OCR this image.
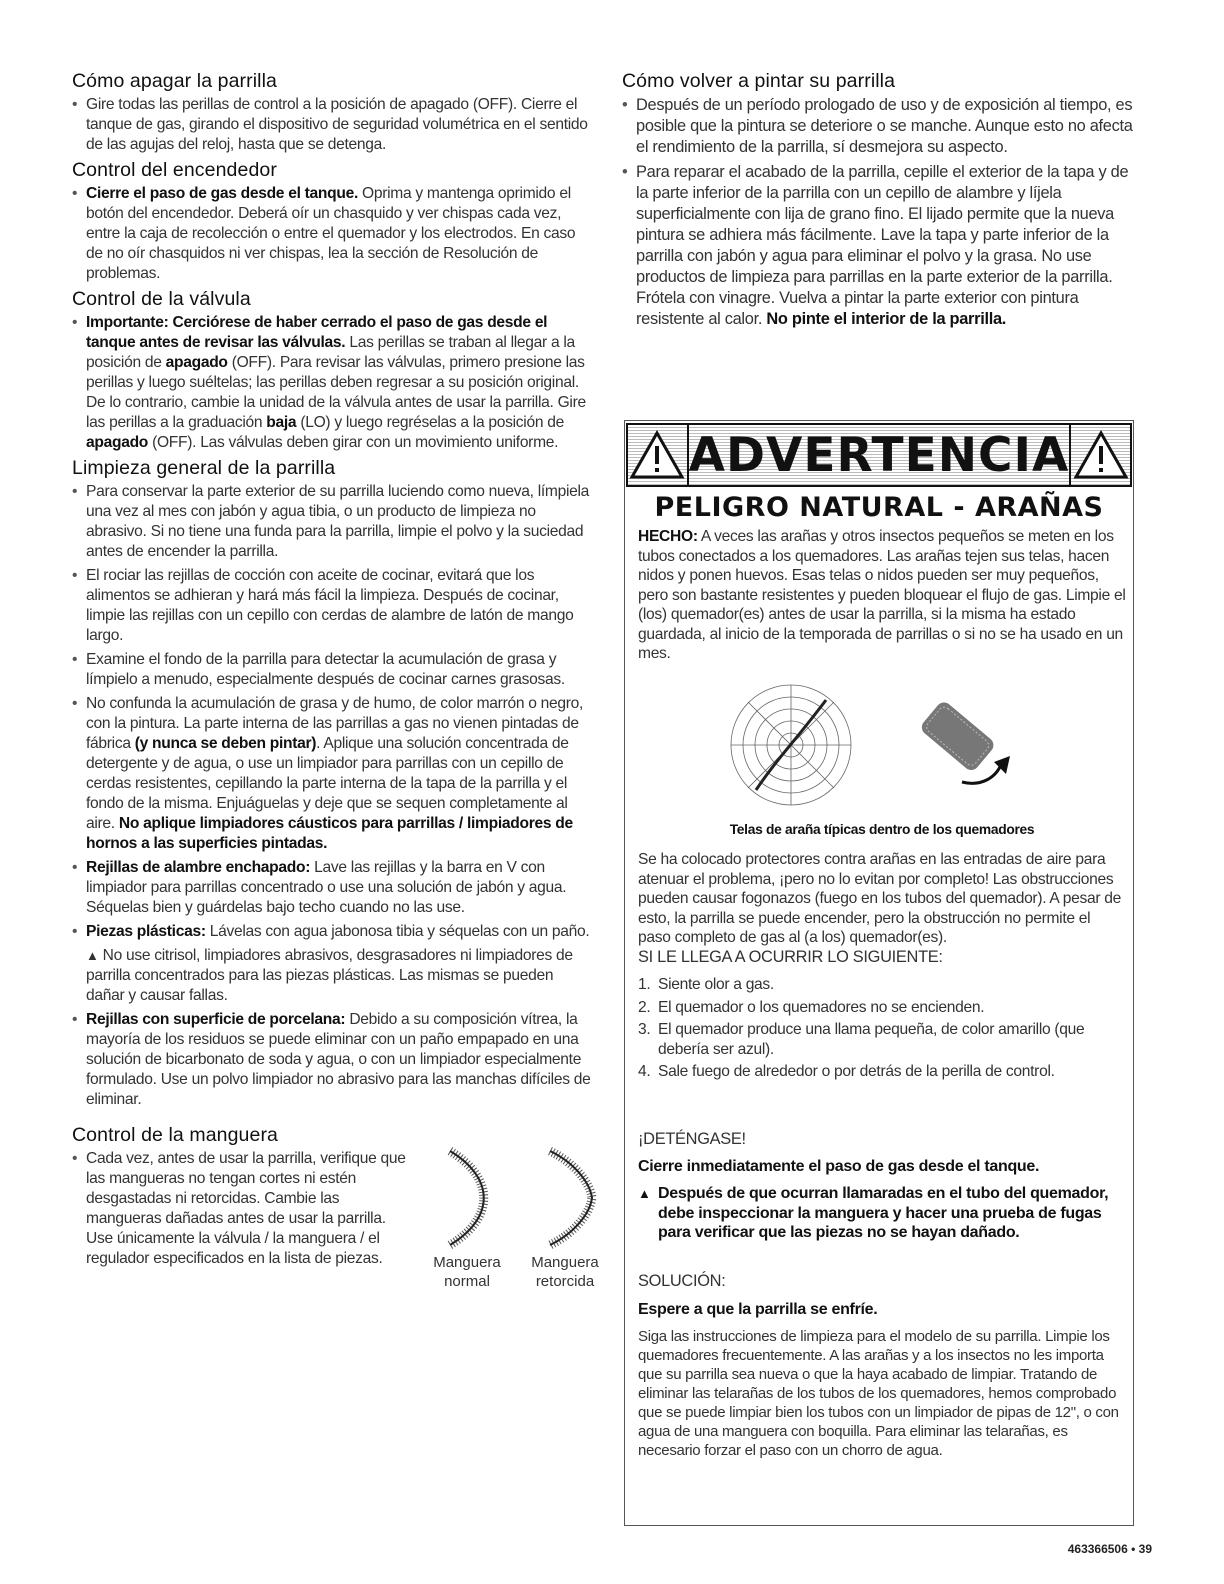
Cómo apagar la parrilla

• Gire todas las perillas de control a la posición de apagado (OFF). Cierre el tanque de gas, girando el dispositivo de seguridad volumétrica en el sentido de las agujas del reloj, hasta que se detenga.

Control del encendedor

• Cierre el paso de gas desde el tanque. Oprima y mantenga oprimido el botón del encendedor. Deberá oír un chasquido y ver chispas cada vez, entre la caja de recolección o entre el quemador y los electrodos. En caso de no oír chasquidos ni ver chispas, lea la sección de Resolución de problemas.

Control de la válvula

• Importante: Cerciórese de haber cerrado el paso de gas desde el tanque antes de revisar las válvulas. Las perillas se traban al llegar a la posición de apagado (OFF). Para revisar las válvulas, primero presione las perillas y luego suéltelas; las perillas deben regresar a su posición original. De lo contrario, cambie la unidad de la válvula antes de usar la parrilla. Gire las perillas a la graduación baja (LO) y luego regréselas a la posición de apagado (OFF). Las válvulas deben girar con un movimiento uniforme.

Limpieza general de la parrilla

• Para conservar la parte exterior de su parrilla luciendo como nueva, límpiela una vez al mes con jabón y agua tibia, o un producto de limpieza no abrasivo. Si no tiene una funda para la parrilla, limpie el polvo y la suciedad antes de encender la parrilla.

• El rociar las rejillas de cocción con aceite de cocinar, evitará que los alimentos se adhieran y hará más fácil la limpieza. Después de cocinar, limpie las rejillas con un cepillo con cerdas de alambre de latón de mango largo.

• Examine el fondo de la parrilla para detectar la acumulación de grasa y límpielo a menudo, especialmente después de cocinar carnes grasosas.

• No confunda la acumulación de grasa y de humo, de color marrón o negro, con la pintura. La parte interna de las parrillas a gas no vienen pintadas de fábrica (y nunca se deben pintar). Aplique una solución concentrada de detergente y de agua, o use un limpiador para parrillas con un cepillo de cerdas resistentes, cepillando la parte interna de la tapa de la parrilla y el fondo de la misma. Enjuáguelas y deje que se sequen completamente al aire. No aplique limpiadores cáusticos para parrillas / limpiadores de hornos a las superficies pintadas.

• Rejillas de alambre enchapado: Lave las rejillas y la barra en V con limpiador para parrillas concentrado o use una solución de jabón y agua. Séquelas bien y guárdelas bajo techo cuando no las use.

• Piezas plásticas: Lávelas con agua jabonosa tibia y séquelas con un paño.

▲ No use citrisol, limpiadores abrasivos, desgrasadores ni limpiadores de parrilla concentrados para las piezas plásticas. Las mismas se pueden dañar y causar fallas.

• Rejillas con superficie de porcelana: Debido a su composición vítrea, la mayoría de los residuos se puede eliminar con un paño empapado en una solución de bicarbonato de soda y agua, o con un limpiador especialmente formulado. Use un polvo limpiador no abrasivo para las manchas difíciles de eliminar.

Control de la manguera

• Cada vez, antes de usar la parrilla, verifique que las mangueras no tengan cortes ni estén desgastadas ni retorcidas. Cambie las mangueras dañadas antes de usar la parrilla. Use únicamente la válvula / la manguera / el regulador especificados en la lista de piezas.	Manguera
normal
Manguera
retorcida
Cómo volver a pintar su parrilla

• Después de un período prologado de uso y de exposición al tiempo, es posible que la pintura se deteriore o se manche. Aunque esto no afecta el rendimiento de la parrilla, sí desmejora su aspecto.

• Para reparar el acabado de la parrilla, cepille el exterior de la tapa y de la parte inferior de la parrilla con un cepillo de alambre y líjela superficialmente con lija de grano fino. El lijado permite que la nueva pintura se adhiera más fácilmente. Lave la tapa y parte inferior de la parrilla con jabón y agua para eliminar el polvo y la grasa. No use productos de limpieza para parrillas en la parte exterior de la parrilla. Frótela con vinagre. Vuelva a pintar la parte exterior con pintura resistente al calor. No pinte el interior de la parrilla.

ADVERTENCIA
PELIGRO NATURAL - ARAÑAS

HECHO: A veces las arañas y otros insectos pequeños se meten en los tubos conectados a los quemadores. Las arañas tejen sus telas, hacen nidos y ponen huevos. Esas telas o nidos pueden ser muy pequeños, pero son bastante resistentes y pueden bloquear el flujo de gas. Limpie el (los) quemador(es) antes de usar la parrilla, si la misma ha estado guardada, al inicio de la temporada de parrillas o si no se ha usado en un mes.

Telas de araña típicas dentro de los quemadores
Se ha colocado protectores contra arañas en las entradas de aire para atenuar el problema, ¡pero no lo evitan por completo! Las obstrucciones pueden causar fogonazos (fuego en los tubos del quemador). A pesar de esto, la parrilla se puede encender, pero la obstrucción no permite el paso completo de gas al (a los) quemador(es).
SI LE LLEGA A OCURRIR LO SIGUIENTE:
1. Siente olor a gas.
2. El quemador o los quemadores no se encienden.
3. El quemador produce una llama pequeña, de color amarillo (que debería ser azul).
4. Sale fuego de alrededor o por detrás de la perilla de control.
¡DETÉNGASE!
Cierre inmediatamente el paso de gas desde el tanque.
▲ Después de que ocurran llamaradas en el tubo del quemador, debe inspeccionar la manguera y hacer una prueba de fugas para verificar que las piezas no se hayan dañado.
SOLUCIÓN:
Espere a que la parrilla se enfríe.
Siga las instrucciones de limpieza para el modelo de su parrilla. Limpie los quemadores frecuentemente. A las arañas y a los insectos no les importa que su parrilla sea nueva o que la haya acabado de limpiar. Tratando de eliminar las telarañas de los tubos de los quemadores, hemos comprobado que se puede limpiar bien los tubos con un limpiador de pipas de 12", o con agua de una manguera con boquilla. Para eliminar las telarañas, es necesario forzar el paso con un chorro de agua.
463366506 • 39
